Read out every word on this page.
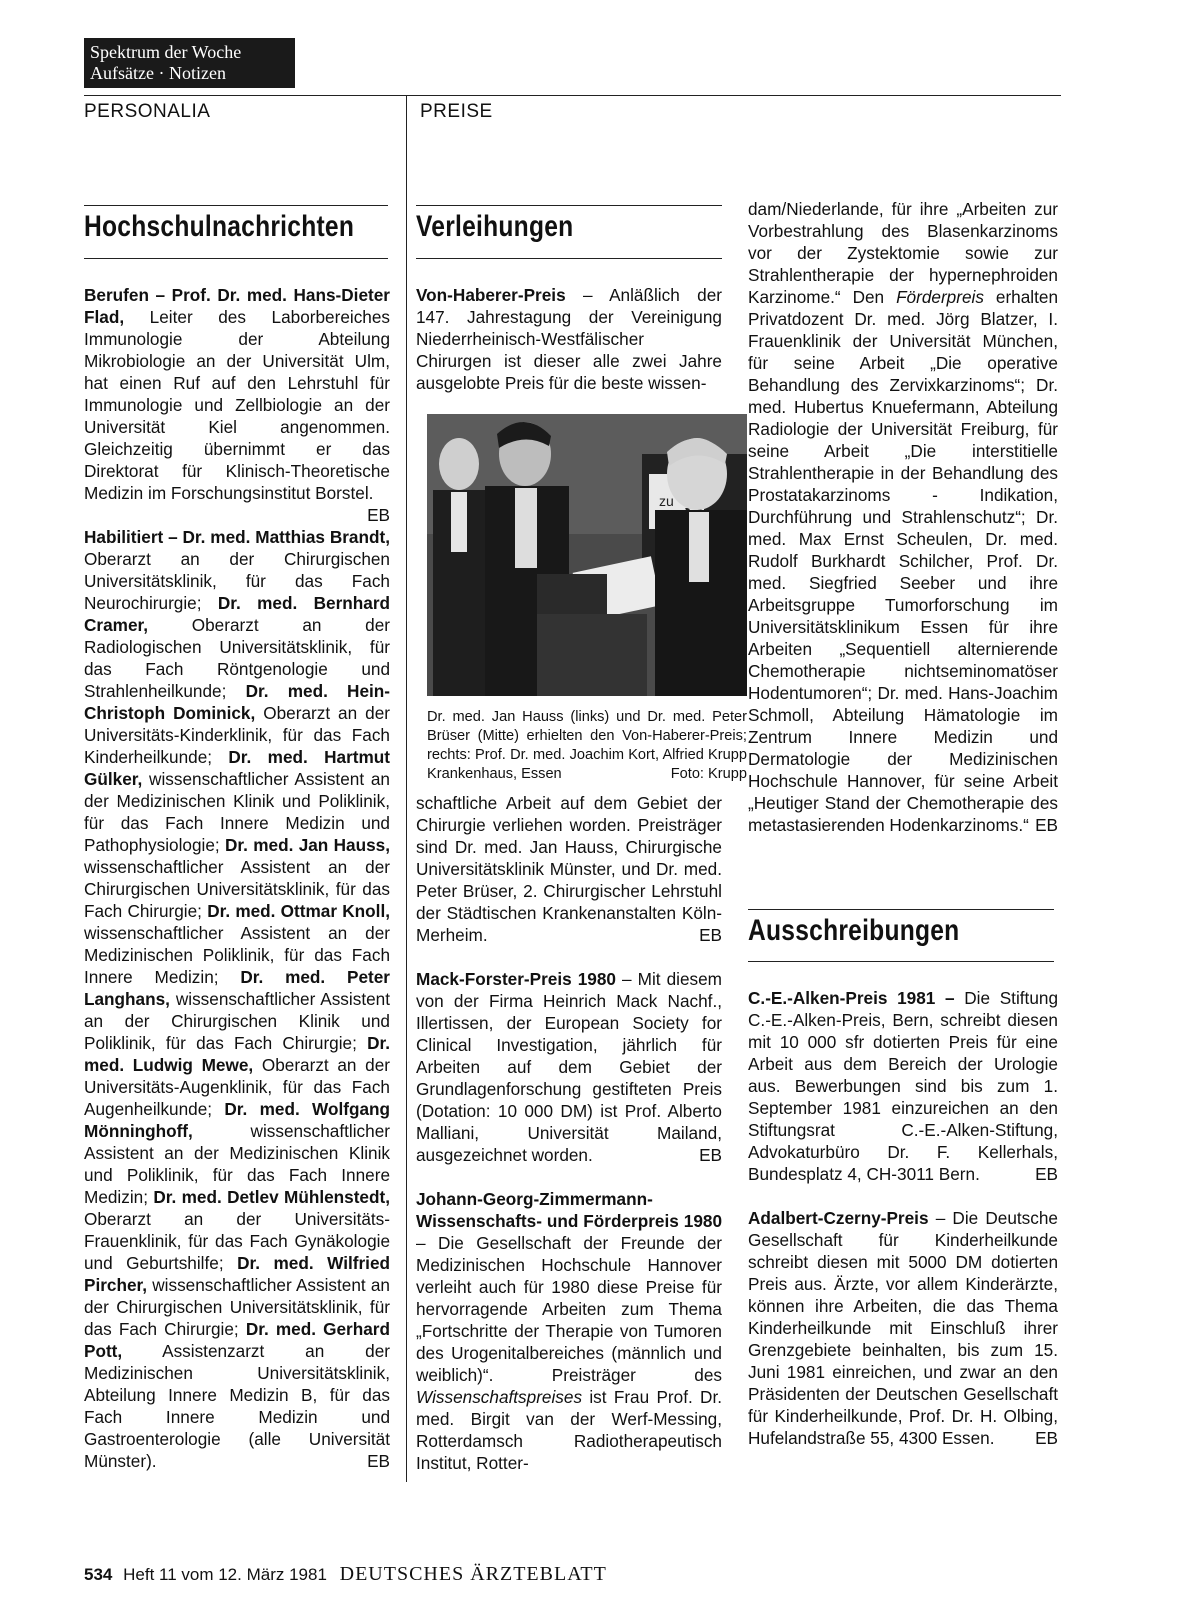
Spektrum der Woche
Aufsätze · Notizen
PERSONALIA	PREISE
Hochschulnachrichten Verleihungen

Berufen – Prof. Dr. med. Hans-Dieter Flad, Leiter des Laborbereiches Immunologie der Abteilung Mikrobiologie an der Universität Ulm, hat einen Ruf auf den Lehrstuhl für Immunologie und Zellbiologie an der Universität Kiel angenommen. Gleichzeitig übernimmt er das Direktorat für Klinisch-Theoretische Medizin im Forschungsinstitut Borstel.
EB

Habilitiert – Dr. med. Matthias Brandt, Oberarzt an der Chirurgischen Universitätsklinik, für das Fach Neurochirurgie; Dr. med. Bernhard Cramer, Oberarzt an der Radiologischen Universitätsklinik, für das Fach Röntgenologie und Strahlenheilkunde; Dr. med. Hein-Christoph Dominick, Oberarzt an der Universitäts-Kinderklinik, für das Fach Kinderheilkunde; Dr. med. Hartmut Gülker, wissenschaftlicher Assistent an der Medizinischen Klinik und Poliklinik, für das Fach Innere Medizin und Pathophysiologie; Dr. med. Jan Hauss, wissenschaftlicher Assistent an der Chirurgischen Universitätsklinik, für das Fach Chirurgie; Dr. med. Ottmar Knoll, wissenschaftlicher Assistent an der Medizinischen Poliklinik, für das Fach Innere Medizin; Dr. med. Peter Langhans, wissenschaftlicher Assistent an der Chirurgischen Klinik und Poliklinik, für das Fach Chirurgie; Dr. med. Ludwig Mewe, Oberarzt an der Universitäts-Augenklinik, für das Fach Augenheilkunde; Dr. med. Wolfgang Mönninghoff, wissenschaftlicher Assistent an der Medizinischen Klinik und Poliklinik, für das Fach Innere Medizin; Dr. med. Detlev Mühlenstedt, Oberarzt an der Universitäts-Frauenklinik, für das Fach Gynäkologie und Geburtshilfe; Dr. med. Wilfried Pircher, wissenschaftlicher Assistent an der Chirurgischen Universitätsklinik, für das Fach Chirurgie; Dr. med. Gerhard Pott, Assistenzarzt an der Medizinischen Universitätsklinik, Abteilung Innere Medizin B, für das Fach Innere Medizin und Gastroenterologie (alle Universität Münster).	EB

Von-Haberer-Preis – Anläßlich der 147. Jahrestagung der Vereinigung Niederrheinisch-Westfälischer Chirurgen ist dieser alle zwei Jahre ausgelobte Preis für die beste wissen-

zu
Dr. med. Jan Hauss (links) und Dr. med. Peter Brüser (Mitte) erhielten den Von-Haberer-Preis; rechts: Prof. Dr. med. Joachim Kort, Alfried Krupp Krankenhaus, Essen	Foto: Krupp

schaftliche Arbeit auf dem Gebiet der Chirurgie verliehen worden. Preisträger sind Dr. med. Jan Hauss, Chirurgische Universitätsklinik Münster, und Dr. med. Peter Brüser, 2. Chirurgischer Lehrstuhl der Städtischen Krankenanstalten Köln-Merheim.	EB

Mack-Forster-Preis 1980 – Mit diesem von der Firma Heinrich Mack Nachf., Illertissen, der European Society for Clinical Investigation, jährlich für Arbeiten auf dem Gebiet der Grundlagenforschung gestifteten Preis (Dotation: 10 000 DM) ist Prof. Alberto Malliani, Universität Mailand, ausgezeichnet worden.	EB

Johann-Georg-Zimmermann-Wissenschafts- und Förderpreis 1980 – Die Gesellschaft der Freunde der Medizinischen Hochschule Hannover verleiht auch für 1980 diese Preise für hervorragende Arbeiten zum Thema „Fortschritte der Therapie von Tumoren des Urogenitalbereiches (männlich und weiblich)“. Preisträger des Wissenschaftspreises ist Frau Prof. Dr. med. Birgit van der Werf-Messing, Rotterdamsch Radiotherapeutisch Institut, Rotter-

dam/Niederlande, für ihre „Arbeiten zur Vorbestrahlung des Blasenkarzinoms vor der Zystektomie sowie zur Strahlentherapie der hypernephroiden Karzinome.“ Den Förderpreis erhalten Privatdozent Dr. med. Jörg Blatzer, I. Frauenklinik der Universität München, für seine Arbeit „Die operative Behandlung des Zervixkarzinoms“; Dr. med. Hubertus Knuefermann, Abteilung Radiologie der Universität Freiburg, für seine Arbeit „Die interstitielle Strahlentherapie in der Behandlung des Prostatakarzinoms - Indikation, Durchführung und Strahlenschutz“; Dr. med. Max Ernst Scheulen, Dr. med. Rudolf Burkhardt Schilcher, Prof. Dr. med. Siegfried Seeber und ihre Arbeitsgruppe Tumorforschung im Universitätsklinikum Essen für ihre Arbeiten „Sequentiell alternierende Chemotherapie nichtseminomatöser Hodentumoren“; Dr. med. Hans-Joachim Schmoll, Abteilung Hämatologie im Zentrum Innere Medizin und Dermatologie der Medizinischen Hochschule Hannover, für seine Arbeit „Heutiger Stand der Chemotherapie des metastasierenden Hodenkarzinoms.“ EB

Ausschreibungen

C.-E.-Alken-Preis 1981 – Die Stiftung C.-E.-Alken-Preis, Bern, schreibt diesen mit 10 000 sfr dotierten Preis für eine Arbeit aus dem Bereich der Urologie aus. Bewerbungen sind bis zum 1. September 1981 einzureichen an den Stiftungsrat C.-E.-Alken-Stiftung, Advokaturbüro Dr. F. Kellerhals, Bundesplatz 4, CH-3011 Bern.	EB

Adalbert-Czerny-Preis – Die Deutsche Gesellschaft für Kinderheilkunde schreibt diesen mit 5000 DM dotierten Preis aus. Ärzte, vor allem Kinderärzte, können ihre Arbeiten, die das Thema Kinderheilkunde mit Einschluß ihrer Grenzgebiete beinhalten, bis zum 15. Juni 1981 einreichen, und zwar an den Präsidenten der Deutschen Gesellschaft für Kinderheilkunde, Prof. Dr. H. Olbing, Hufelandstraße 55, 4300 Essen. EB

534 Heft 11 vom 12. März 1981 DEUTSCHES ÄRZTEBLATT
